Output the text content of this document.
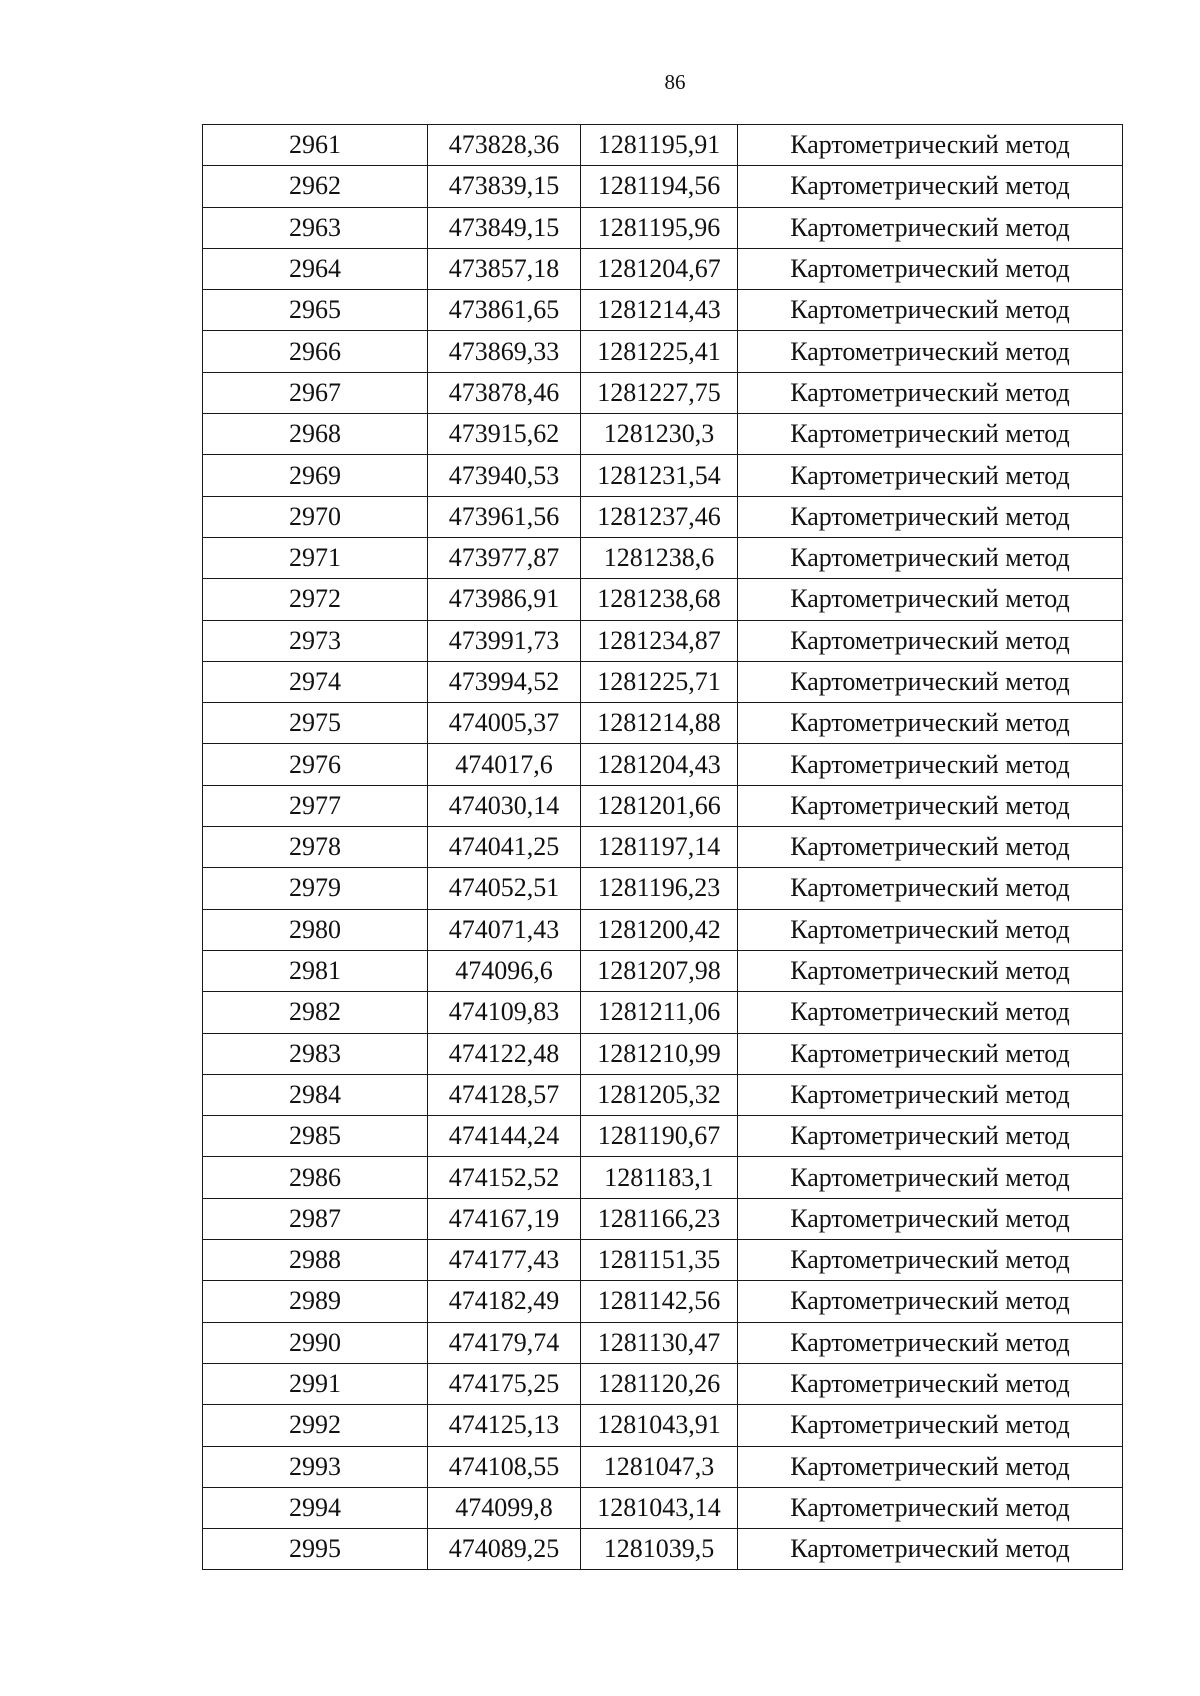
86
2961	473828,36	1281195,91	Картометрический метод
2962	473839,15	1281194,56	Картометрический метод
2963	473849,15	1281195,96	Картометрический метод
2964	473857,18	1281204,67	Картометрический метод
2965	473861,65	1281214,43	Картометрический метод
2966	473869,33	1281225,41	Картометрический метод
2967	473878,46	1281227,75	Картометрический метод
2968	473915,62	1281230,3	Картометрический метод
2969	473940,53	1281231,54	Картометрический метод
2970	473961,56	1281237,46	Картометрический метод
2971	473977,87	1281238,6	Картометрический метод
2972	473986,91	1281238,68	Картометрический метод
2973	473991,73	1281234,87	Картометрический метод
2974	473994,52	1281225,71	Картометрический метод
2975	474005,37	1281214,88	Картометрический метод
2976	474017,6	1281204,43	Картометрический метод
2977	474030,14	1281201,66	Картометрический метод
2978	474041,25	1281197,14	Картометрический метод
2979	474052,51	1281196,23	Картометрический метод
2980	474071,43	1281200,42	Картометрический метод
2981	474096,6	1281207,98	Картометрический метод
2982	474109,83	1281211,06	Картометрический метод
2983	474122,48	1281210,99	Картометрический метод
2984	474128,57	1281205,32	Картометрический метод
2985	474144,24	1281190,67	Картометрический метод
2986	474152,52	1281183,1	Картометрический метод
2987	474167,19	1281166,23	Картометрический метод
2988	474177,43	1281151,35	Картометрический метод
2989	474182,49	1281142,56	Картометрический метод
2990	474179,74	1281130,47	Картометрический метод
2991	474175,25	1281120,26	Картометрический метод
2992	474125,13	1281043,91	Картометрический метод
2993	474108,55	1281047,3	Картометрический метод
2994	474099,8	1281043,14	Картометрический метод
2995	474089,25	1281039,5	Картометрический метод
